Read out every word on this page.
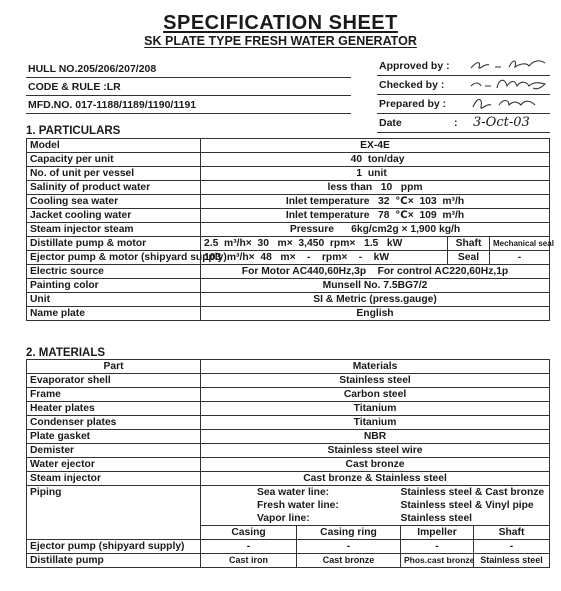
SPECIFICATION SHEET
SK PLATE TYPE FRESH WATER GENERATOR
HULL NO.205/206/207/208
CODE & RULE :LR
MFD.NO. 017-1188/1189/1190/1191
Approved by :
Checked by :
Prepared by :
Date	: 3-Oct-03
1. PARTICULARS
Model	EX-4E		
Capacity per unit	40 ton/day		
No. of unit per vessel	1 unit		
Salinity of product water	less than 10 ppm		
Cooling sea water	Inlet temperature 32 ℃× 103 m³/h		
Jacket cooling water	Inlet temperature 78 ℃× 109 m³/h		
Steam injector steam	Pressure 6kg/cm2g × 1,900 kg/h		
Distillate pump & motor	2.5  m³/h×  30   m×  3,450  rpm×   1.5   kW	Shaft	Mechanical seal
Ejector pump & motor (shipyard supply)	103  m³/h×  48   m×    -    rpm×    -    kW	Seal	-
Electric source	For Motor AC440,60Hz,3p    For control AC220,60Hz,1p		
Painting color	Munsell No. 7.5BG7/2		
Unit	SI & Metric (press.gauge)		
Name plate	English		
2. MATERIALS
Part	Materials			
Evaporator shell	Stainless steel			
Frame	Carbon steel			
Heater plates	Titanium			
Condenser plates	Titanium			
Plate gasket	NBR			
Demister	Stainless steel wire			
Water ejector	Cast bronze			
Steam injector	Cast bronze & Stainless steel			
Piping	Sea water line:		Stainless steel & Cast bronze	
	Fresh water line:		Stainless steel & Vinyl pipe	
	Vapor line:		Stainless steel	
	Casing	Casing ring	Impeller	Shaft
Ejector pump (shipyard supply)	-	-	-	-
Distillate pump	Cast iron	Cast bronze	Phos.cast bronze	Stainless steel
